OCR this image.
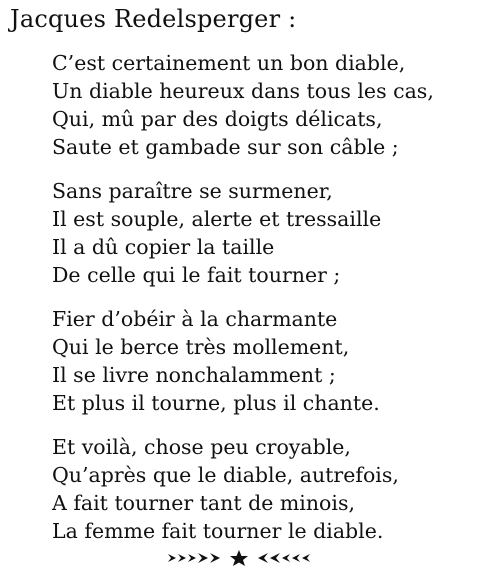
Jacques Redelsperger :
C’est certainement un bon diable,
Un diable heureux dans tous les cas,
Qui, mû par des doigts délicats,
Saute et gambade sur son câble ;
Sans paraître se surmener,
Il est souple, alerte et tressaille
Il a dû copier la taille
De celle qui le fait tourner ;
Fier d’obéir à la charmante
Qui le berce très mollement,
Il se livre nonchalamment ;
Et plus il tourne, plus il chante.
Et voilà, chose peu croyable,
Qu’après que le diable, autrefois,
A fait tourner tant de minois,
La femme fait tourner le diable.
